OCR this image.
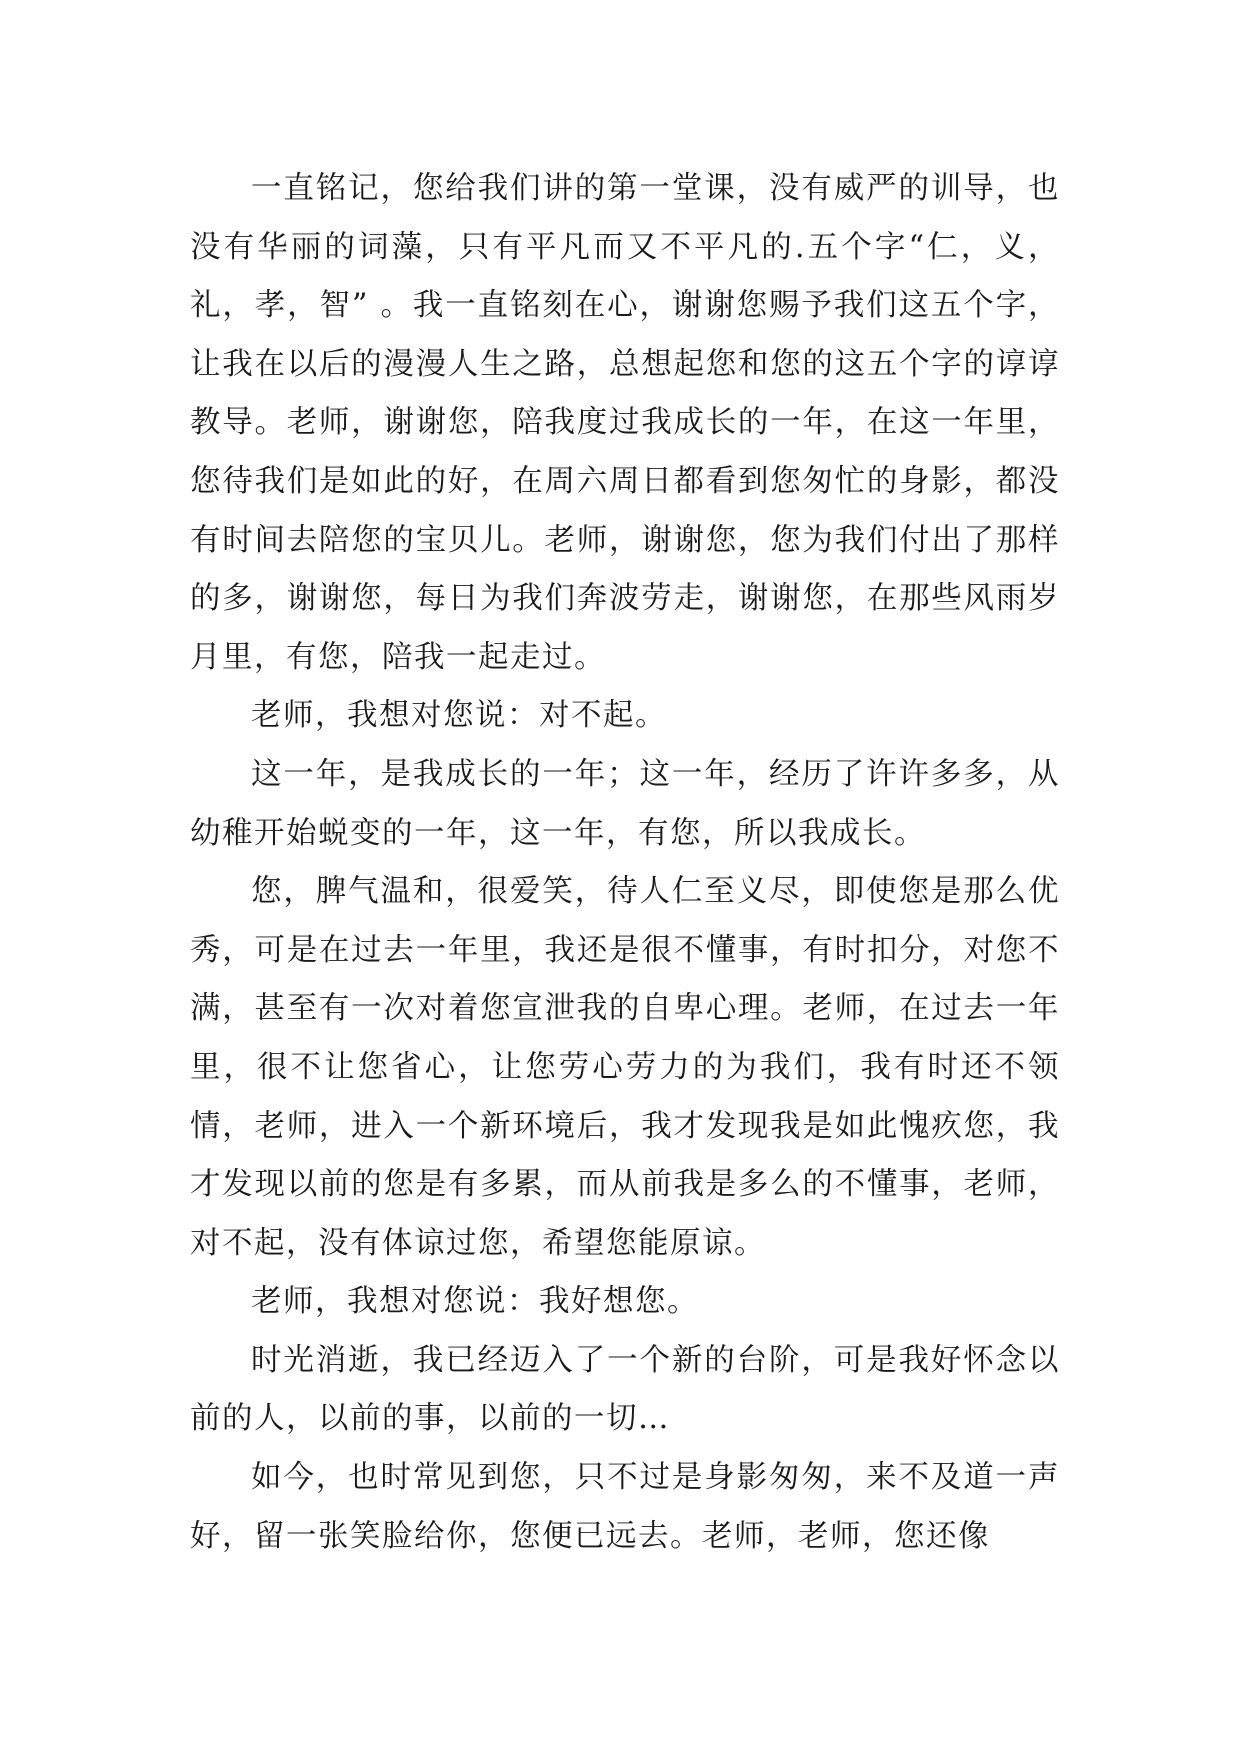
一直铭记，您给我们讲的第一堂课，没有威严的训导，也没有华丽的词藻，只有平凡而又不平凡的.五个字“仁，义，礼，孝，智” 。我一直铭刻在心，谢谢您赐予我们这五个字，让我在以后的漫漫人生之路，总想起您和您的这五个字的谆谆教导。老师，谢谢您，陪我度过我成长的一年，在这一年里，您待我们是如此的好，在周六周日都看到您匆忙的身影，都没有时间去陪您的宝贝儿。老师，谢谢您，您为我们付出了那样的多，谢谢您，每日为我们奔波劳走，谢谢您，在那些风雨岁月里，有您，陪我一起走过。

老师，我想对您说：对不起。

这一年，是我成长的一年；这一年，经历了许许多多，从幼稚开始蜕变的一年，这一年，有您，所以我成长。

您，脾气温和，很爱笑，待人仁至义尽，即使您是那么优秀，可是在过去一年里，我还是很不懂事，有时扣分，对您不满，甚至有一次对着您宣泄我的自卑心理。老师，在过去一年里，很不让您省心，让您劳心劳力的为我们，我有时还不领情，老师，进入一个新环境后，我才发现我是如此愧疚您，我才发现以前的您是有多累，而从前我是多么的不懂事，老师，对不起，没有体谅过您，希望您能原谅。

老师，我想对您说：我好想您。

时光消逝，我已经迈入了一个新的台阶，可是我好怀念以前的人，以前的事，以前的一切…

如今，也时常见到您，只不过是身影匆匆，来不及道一声好，留一张笑脸给你，您便已远去。老师，老师，您还像
